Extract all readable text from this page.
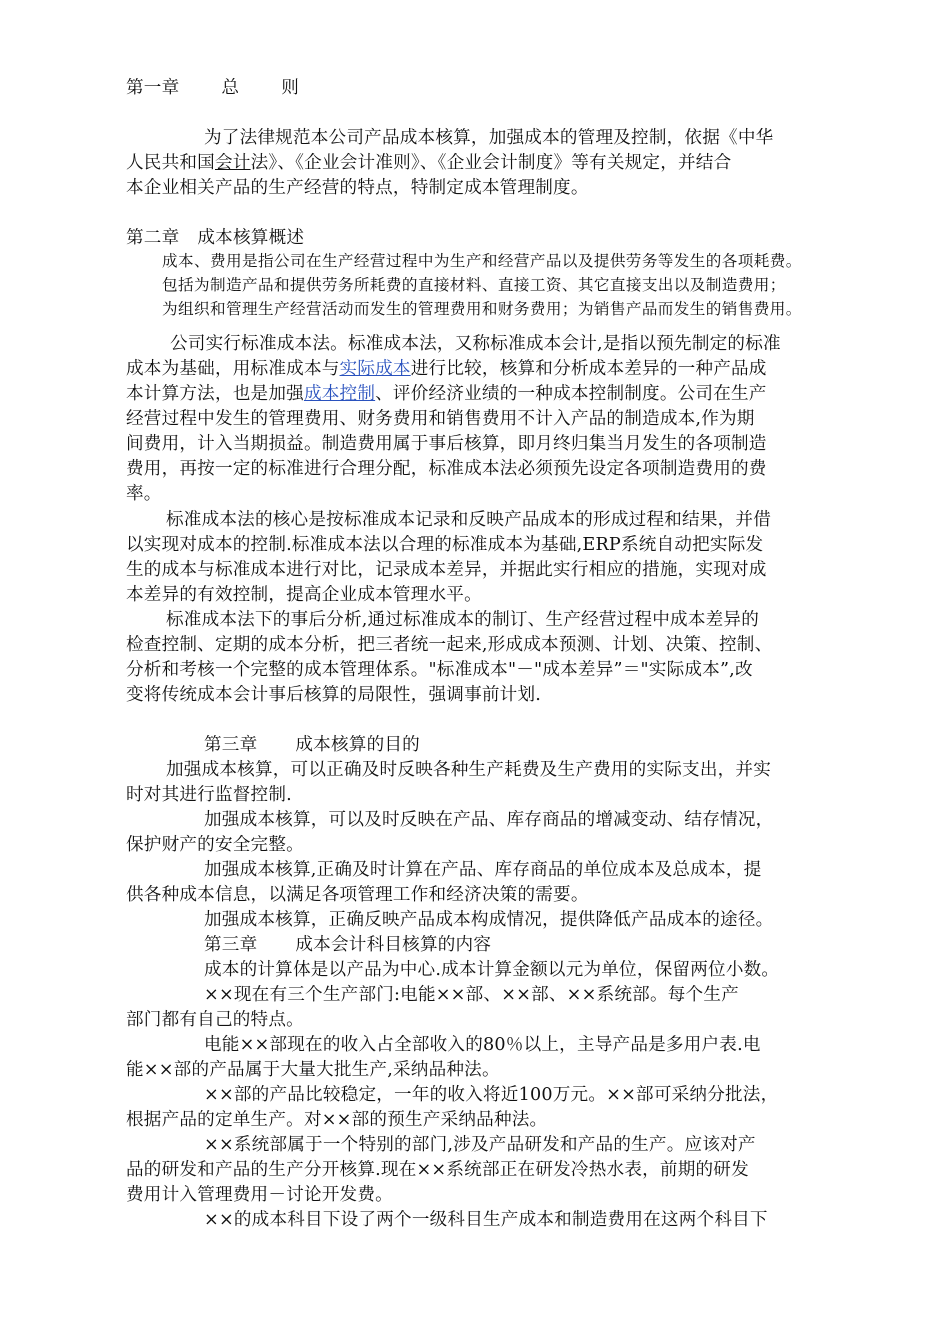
第一章 总 则
为了法律规范本公司产品成本核算，加强成本的管理及控制，依据《中华
人民共和国会计法》、《企业会计准则》、《企业会计制度》等有关规定，并结合
本企业相关产品的生产经营的特点，特制定成本管理制度。
第二章 成本核算概述
成本、费用是指公司在生产经营过程中为生产和经营产品以及提供劳务等发生的各项耗费。
包括为制造产品和提供劳务所耗费的直接材料、直接工资、其它直接支出以及制造费用；
为组织和管理生产经营活动而发生的管理费用和财务费用；为销售产品而发生的销售费用。
公司实行标准成本法。标准成本法，又称标准成本会计,是指以预先制定的标准
成本为基础，用标准成本与实际成本进行比较，核算和分析成本差异的一种产品成
本计算方法，也是加强成本控制、评价经济业绩的一种成本控制制度。公司在生产
经营过程中发生的管理费用、财务费用和销售费用不计入产品的制造成本,作为期
间费用，计入当期损益。制造费用属于事后核算，即月终归集当月发生的各项制造
费用，再按一定的标准进行合理分配，标准成本法必须预先设定各项制造费用的费
率。
标准成本法的核心是按标准成本记录和反映产品成本的形成过程和结果，并借
以实现对成本的控制.标准成本法以合理的标准成本为基础,ERP系统自动把实际发
生的成本与标准成本进行对比，记录成本差异，并据此实行相应的措施，实现对成
本差异的有效控制，提高企业成本管理水平。
标准成本法下的事后分析,通过标准成本的制订、生产经营过程中成本差异的
检查控制、定期的成本分析，把三者统一起来,形成成本预测、计划、决策、控制、
分析和考核一个完整的成本管理体系。"标准成本"－"成本差异”＝"实际成本”,改
变将传统成本会计事后核算的局限性，强调事前计划.
第三章 成本核算的目的
加强成本核算，可以正确及时反映各种生产耗费及生产费用的实际支出，并实
时对其进行监督控制.
加强成本核算，可以及时反映在产品、库存商品的增减变动、结存情况，
保护财产的安全完整。
加强成本核算,正确及时计算在产品、库存商品的单位成本及总成本，提
供各种成本信息，以满足各项管理工作和经济决策的需要。
加强成本核算，正确反映产品成本构成情况，提供降低产品成本的途径。
第三章 成本会计科目核算的内容
成本的计算体是以产品为中心.成本计算金额以元为单位，保留两位小数。
××现在有三个生产部门:电能××部、××部、××系统部。每个生产
部门都有自己的特点。
电能××部现在的收入占全部收入的80％以上，主导产品是多用户表.电
能××部的产品属于大量大批生产,采纳品种法。
××部的产品比较稳定，一年的收入将近100万元。××部可采纳分批法，
根据产品的定单生产。对××部的预生产采纳品种法。
××系统部属于一个特别的部门,涉及产品研发和产品的生产。应该对产
品的研发和产品的生产分开核算.现在××系统部正在研发冷热水表，前期的研发
费用计入管理费用－讨论开发费。
××的成本科目下设了两个一级科目生产成本和制造费用在这两个科目下
